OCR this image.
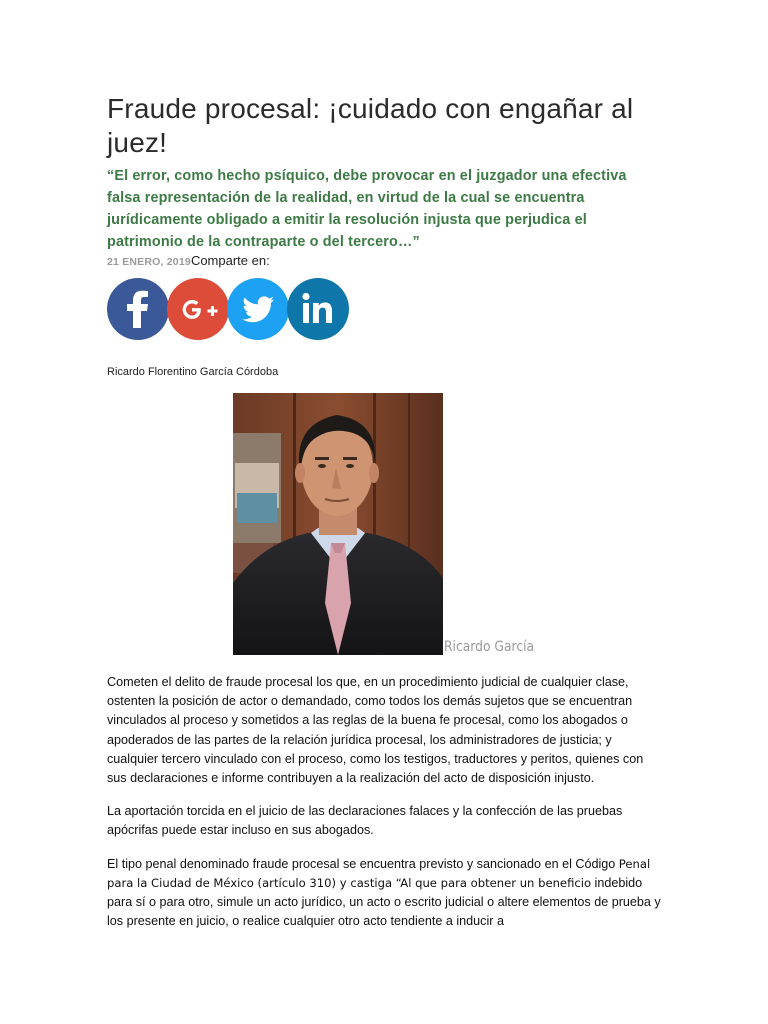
Fraude procesal: ¡cuidado con engañar al juez!

“El error, como hecho psíquico, debe provocar en el juzgador una efectiva falsa representación de la realidad, en virtud de la cual se encuentra jurídicamente obligado a emitir la resolución injusta que perjudica el patrimonio de la contraparte o del tercero…”

21 ENERO, 2019Comparte en:
Ricardo Florentino García Córdoba
Ricardo García

Cometen el delito de fraude procesal los que, en un procedimiento judicial de cualquier clase, ostenten la posición de actor o demandado, como todos los demás sujetos que se encuentran vinculados al proceso y sometidos a las reglas de la buena fe procesal, como los abogados o apoderados de las partes de la relación jurídica procesal, los administradores de justicia; y cualquier tercero vinculado con el proceso, como los testigos, traductores y peritos, quienes con sus declaraciones e informe contribuyen a la realización del acto de disposición injusto.

La aportación torcida en el juicio de las declaraciones falaces y la confección de las pruebas apócrifas puede estar incluso en sus abogados.

El tipo penal denominado fraude procesal se encuentra previsto y sancionado en el Código Penal para la Ciudad de México (artículo 310) y castiga “Al que para obtener un beneficio indebido para sí o para otro, simule un acto jurídico, un acto o escrito judicial o altere elementos de prueba y los presente en juicio, o realice cualquier otro acto tendiente a inducir a
